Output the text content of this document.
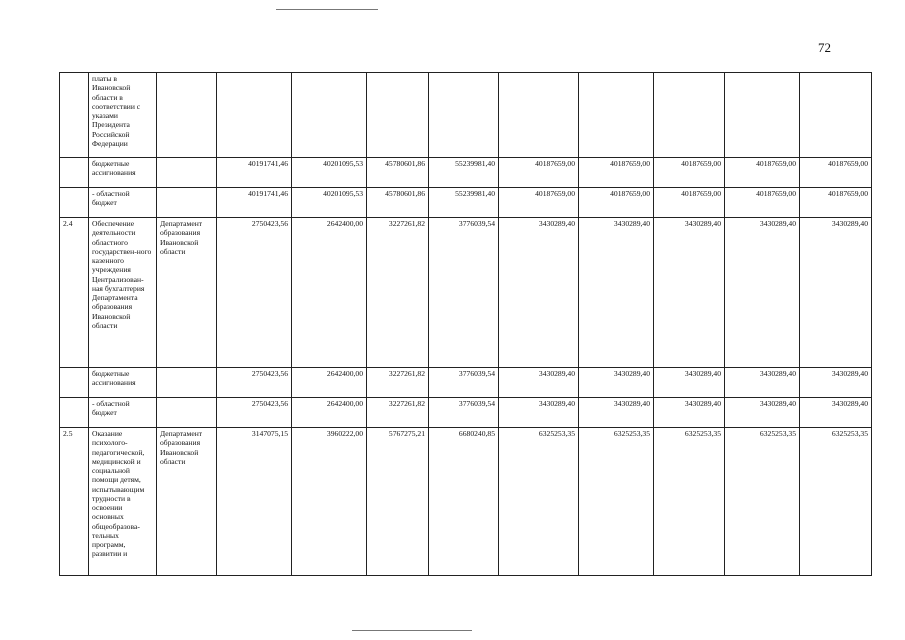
72

	платы в Ивановской области в соответствии с указами Президента Российской Федерации										

	бюджетные ассигнования		40191741,46	40201095,53	45780601,86	55239981,40	40187659,00	40187659,00	40187659,00	40187659,00	40187659,00

	- областной бюджет		40191741,46	40201095,53	45780601,86	55239981,40	40187659,00	40187659,00	40187659,00	40187659,00	40187659,00
2.4	Обеспечение деятельности областного государствен-ного казенного учреждения Централизован-ная бухгалтерия Департамента образования Ивановской области	Департамент образования Ивановской области	2750423,56	2642400,00	3227261,82	3776039,54	3430289,40	3430289,40	3430289,40	3430289,40	3430289,40

	бюджетные ассигнования		2750423,56	2642400,00	3227261,82	3776039,54	3430289,40	3430289,40	3430289,40	3430289,40	3430289,40

	- областной бюджет		2750423,56	2642400,00	3227261,82	3776039,54	3430289,40	3430289,40	3430289,40	3430289,40	3430289,40
2.5	Оказание психолого-педагогической, медицинской и социальной помощи детям, испытывающим трудности в освоении основных общеобразова-тельных программ, развитии и	Департамент образования Ивановской области	3147075,15	3960222,00	5767275,21	6680240,85	6325253,35	6325253,35	6325253,35	6325253,35	6325253,35
